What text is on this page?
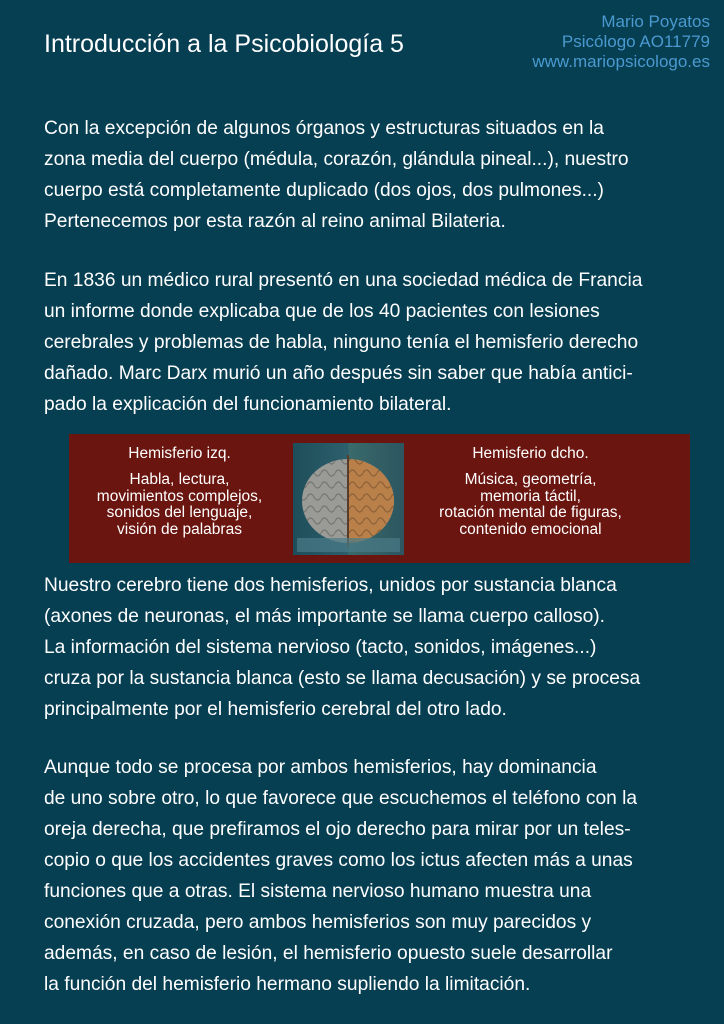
Introducción a la Psicobiología 5
Mario Poyatos
Psicólogo AO11779
www.mariopsicologo.es
Con la excepción de algunos órganos y estructuras situados en la
zona media del cuerpo (médula, corazón, glándula pineal...), nuestro
cuerpo está completamente duplicado (dos ojos, dos pulmones...)
Pertenecemos por esta razón al reino animal Bilateria.
En 1836 un médico rural presentó en una sociedad médica de Francia
un informe donde explicaba que de los 40 pacientes con lesiones
cerebrales y problemas de habla, ninguno tenía el hemisferio derecho
dañado. Marc Darx murió un año después sin saber que había antici-
pado la explicación del funcionamiento bilateral.
Hemisferio izq.
Habla, lectura,
movimientos complejos,
sonidos del lenguaje,
visión de palabras
Hemisferio dcho.
Música, geometría,
memoria táctil,
rotación mental de figuras,
contenido emocional
Nuestro cerebro tiene dos hemisferios, unidos por sustancia blanca
(axones de neuronas, el más importante se llama cuerpo calloso).
La información del sistema nervioso (tacto, sonidos, imágenes...)
cruza por la sustancia blanca (esto se llama decusación) y se procesa
principalmente por el hemisferio cerebral del otro lado.
Aunque todo se procesa por ambos hemisferios, hay dominancia
de uno sobre otro, lo que favorece que escuchemos el teléfono con la
oreja derecha, que prefiramos el ojo derecho para mirar por un teles-
copio o que los accidentes graves como los ictus afecten más a unas
funciones que a otras. El sistema nervioso humano muestra una
conexión cruzada, pero ambos hemisferios son muy parecidos y
además, en caso de lesión, el hemisferio opuesto suele desarrollar
la función del hemisferio hermano supliendo la limitación.
